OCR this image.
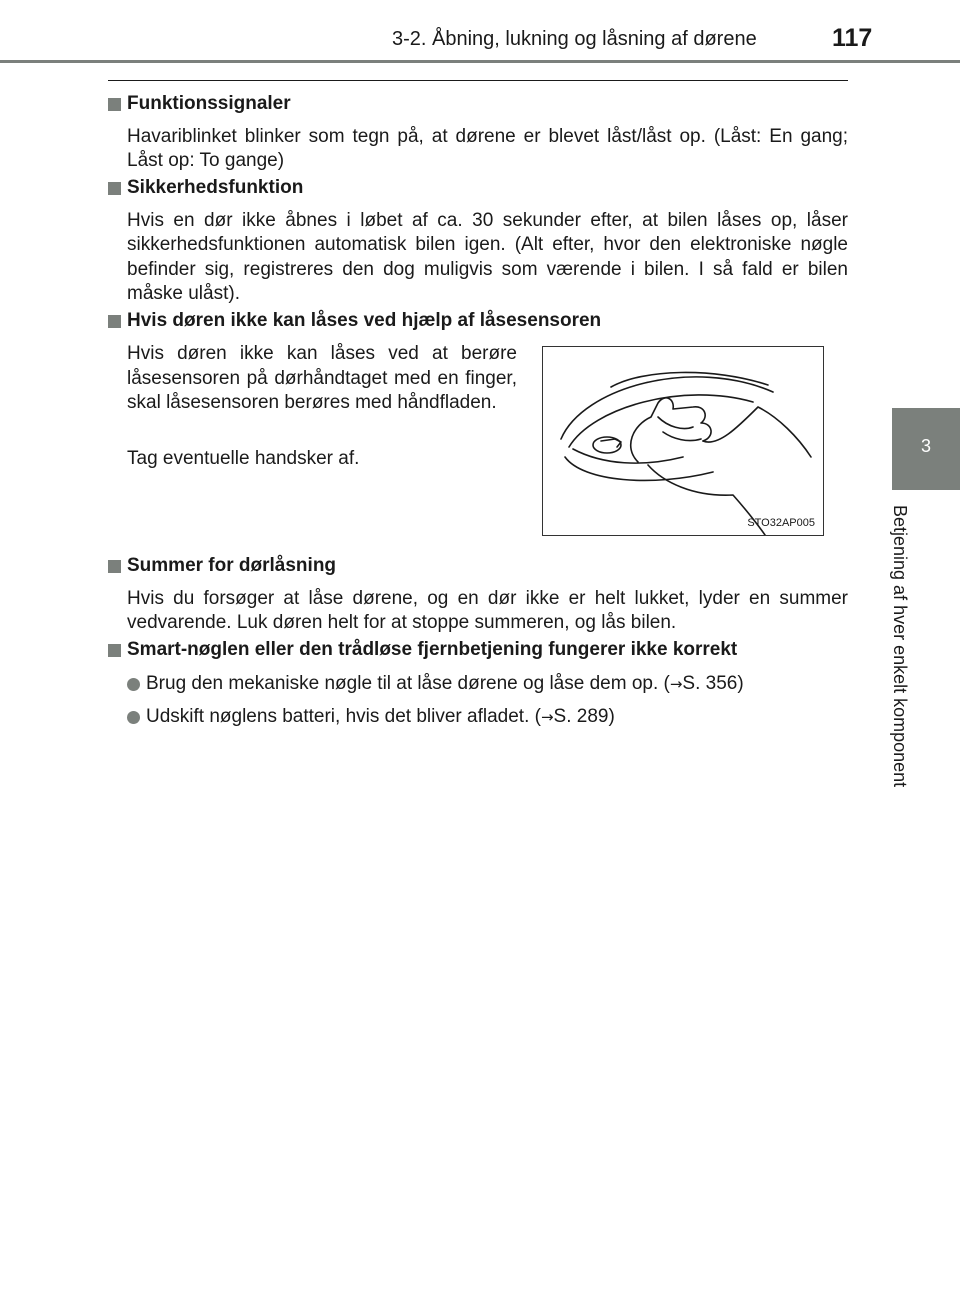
3-2. Åbning, lukning og låsning af dørene	117
3
Betjening af hver enkelt komponent
Funktionssignaler
Havariblinket blinker som tegn på, at dørene er blevet låst/låst op. (Låst: En gang; Låst op: To gange)
Sikkerhedsfunktion
Hvis en dør ikke åbnes i løbet af ca. 30 sekunder efter, at bilen låses op, låser sikkerhedsfunktionen automatisk bilen igen. (Alt efter, hvor den elektroniske nøgle befinder sig, registreres den dog muligvis som værende i bilen. I så fald er bilen måske ulåst).
Hvis døren ikke kan låses ved hjælp af låsesensoren
Hvis døren ikke kan låses ved at berøre låsesensoren på dørhåndtaget med en finger, skal låsesensoren berøres med håndfladen.
Tag eventuelle handsker af.
STO32AP005
Summer for dørlåsning
Hvis du forsøger at låse dørene, og en dør ikke er helt lukket, lyder en summer vedvarende. Luk døren helt for at stoppe summeren, og lås bilen.
Smart-nøglen eller den trådløse fjernbetjening fungerer ikke korrekt
Brug den mekaniske nøgle til at låse dørene og låse dem op. (→S. 356)
Udskift nøglens batteri, hvis det bliver afladet. (→S. 289)
